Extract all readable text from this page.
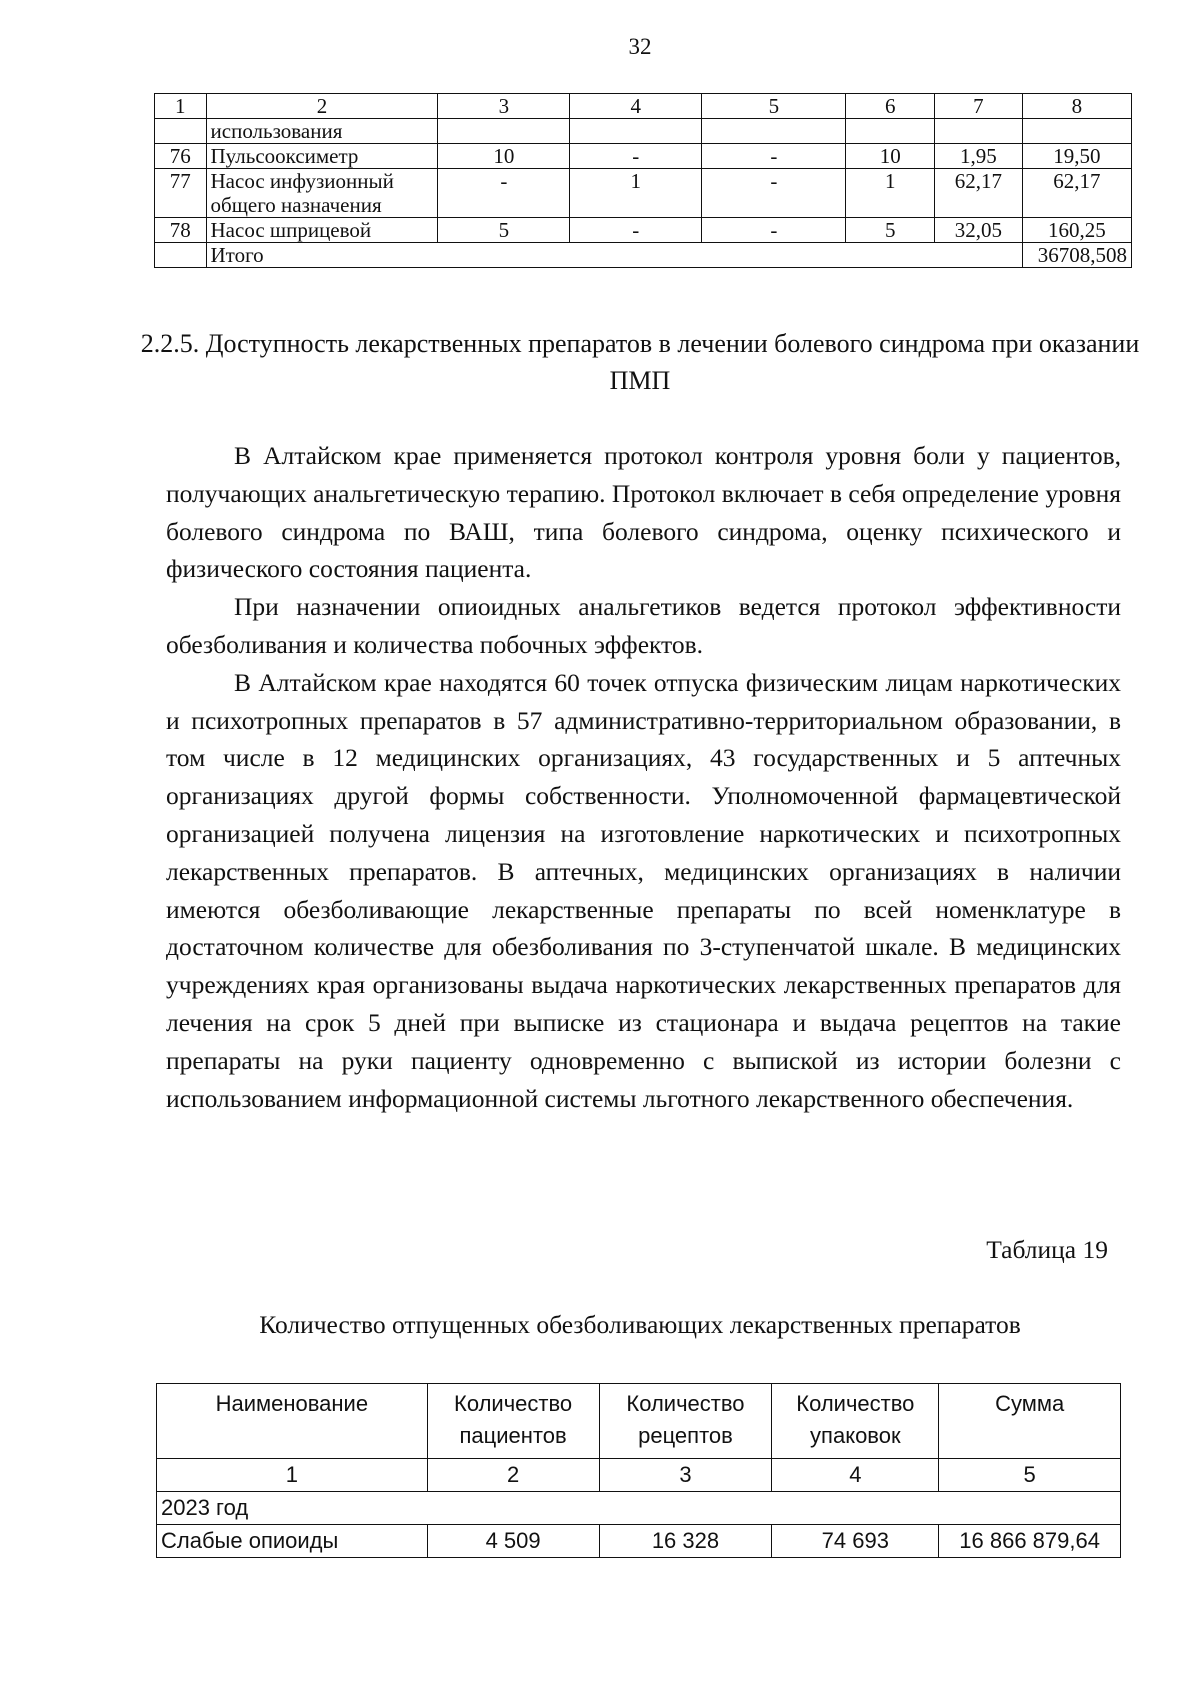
32
1	2	3	4	5	6	7	8
	использования						
76	Пульсооксиметр	10	-	-	10	1,95	19,50
77	Насос инфузионный общего назначения	-	1	-	1	62,17	62,17
78	Насос шприцевой	5	-	-	5	32,05	160,25
	Итого						36708,508
2.2.5. Доступность лекарственных препаратов в лечении болевого синдрома при оказании ПМП

В Алтайском крае применяется протокол контроля уровня боли у пациентов, получающих анальгетическую терапию. Протокол включает в себя определение уровня болевого синдрома по ВАШ, типа болевого синдрома, оценку психического и физического состояния пациента.

При назначении опиоидных анальгетиков ведется протокол эффективности обезболивания и количества побочных эффектов.

В Алтайском крае находятся 60 точек отпуска физическим лицам наркотических и психотропных препаратов в 57 административно-территориальном образовании, в том числе в 12 медицинских организациях, 43 государственных и 5 аптечных организациях другой формы собственности. Уполномоченной фармацевтической организацией получена лицензия на изготовление наркотических и психотропных лекарственных препаратов. В аптечных, медицинских организациях в наличии имеются обезболивающие лекарственные препараты по всей номенклатуре в достаточном количестве для обезболивания по 3-ступенчатой шкале. В медицинских учреждениях края организованы выдача наркотических лекарственных препаратов для лечения на срок 5 дней при выписке из стационара и выдача рецептов на такие препараты на руки пациенту одновременно с выпиской из истории болезни с использованием информационной системы льготного лекарственного обеспечения.

Таблица 19
Количество отпущенных обезболивающих лекарственных препаратов
Наименование	Количество пациентов	Количество рецептов	Количество упаковок	Сумма
1	2	3	4	5
2023 год				
Слабые опиоиды	4 509	16 328	74 693	16 866 879,64
